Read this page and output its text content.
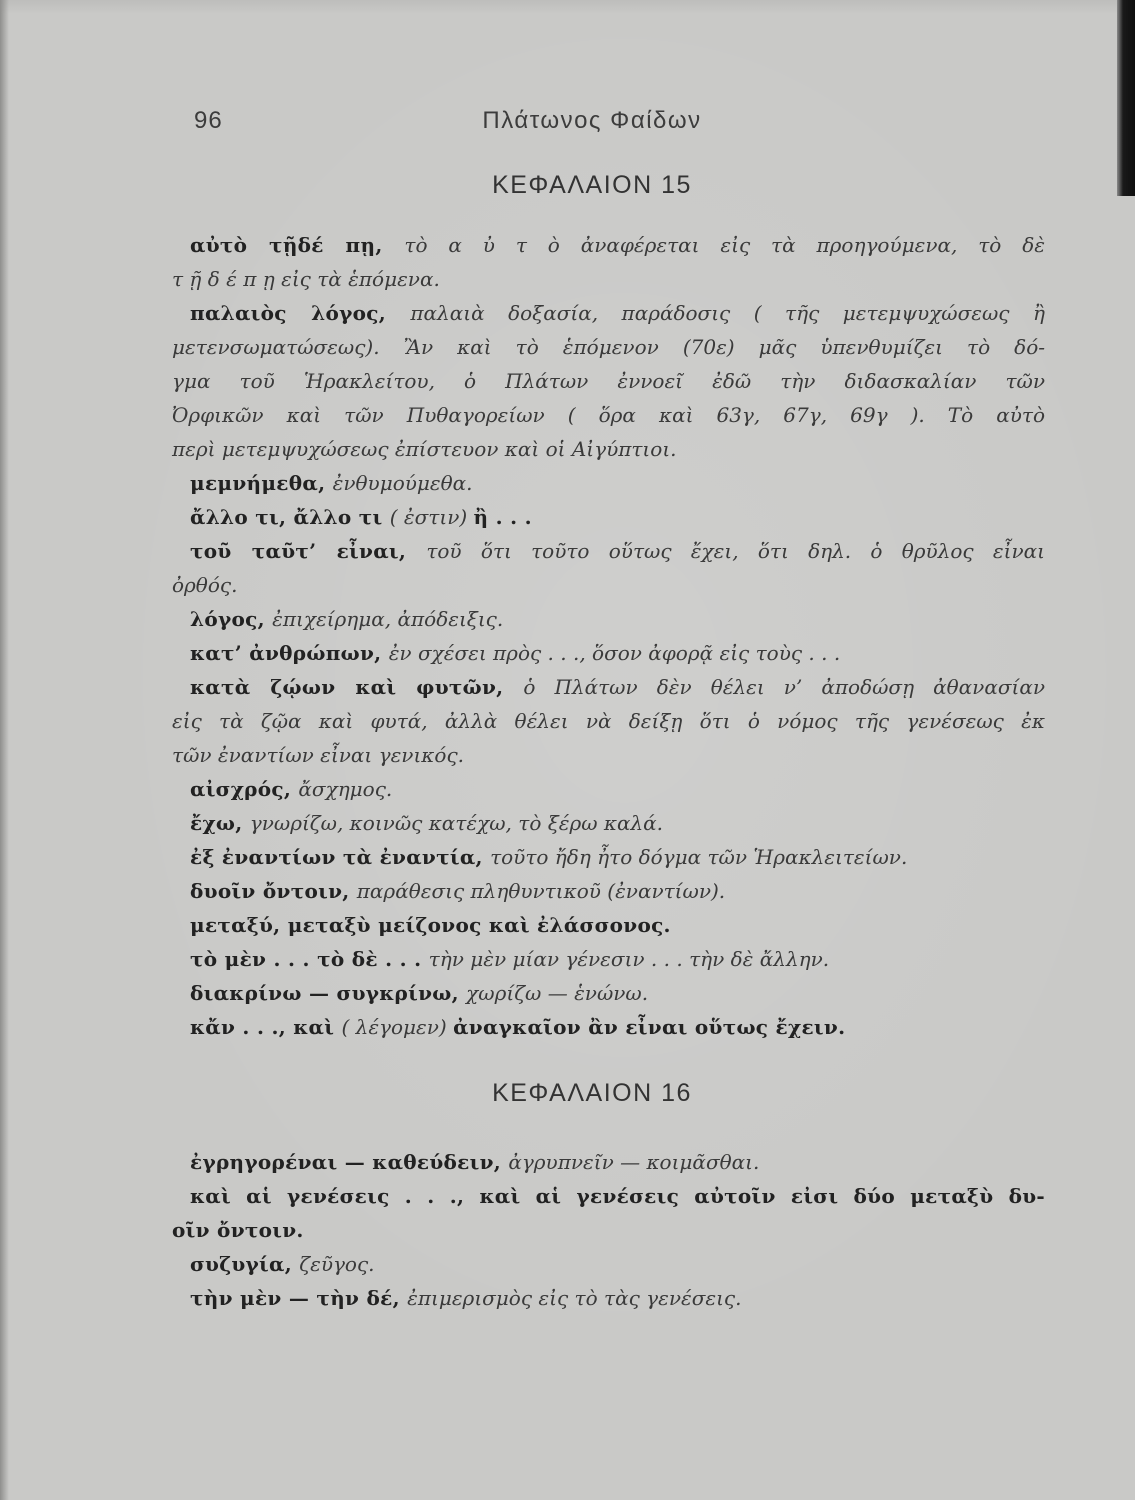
96	Πλάτωνος Φαίδων
ΚΕΦΑΛΑΙΟΝ 15
αὐτὸ τῇδέ πῃ, τὸ α ὐ τ ὸ ἀναφέρεται εἰς τὰ προηγούμενα, τὸ δὲ
τ ῇ δ έ π ῃ εἰς τὰ ἑπόμενα.
παλαιὸς λόγος, παλαιὰ δοξασία, παράδοσις ( τῆς μετεμψυχώσεως ἢ
μετενσωματώσεως). Ἂν καὶ τὸ ἑπόμενον (70ε) μᾶς ὑπενθυμίζει τὸ δό-
γμα τοῦ Ἡρακλείτου, ὁ Πλάτων ἐννοεῖ ἐδῶ τὴν διδασκαλίαν τῶν
Ὀρφικῶν καὶ τῶν Πυθαγορείων ( ὅρα καὶ 63γ, 67γ, 69γ ). Τὸ αὐτὸ
περὶ μετεμψυχώσεως ἐπίστευον καὶ οἱ Αἰγύπτιοι.
μεμνήμεθα, ἐνθυμούμεθα.
ἄλλο τι, ἄλλο τι ( ἐστιν) ἢ . . .
τοῦ ταῦτ’ εἶναι, τοῦ ὅτι τοῦτο οὕτως ἔχει, ὅτι δηλ. ὁ θρῦλος εἶναι
ὀρθός.
λόγος, ἐπιχείρημα, ἀπόδειξις.
κατ’ ἀνθρώπων, ἐν σχέσει πρὸς . . ., ὅσον ἀφορᾷ εἰς τοὺς . . .
κατὰ ζῴων καὶ φυτῶν, ὁ Πλάτων δὲν θέλει ν’ ἀποδώσῃ ἀθανασίαν
εἰς τὰ ζῷα καὶ φυτά, ἀλλὰ θέλει νὰ δείξῃ ὅτι ὁ νόμος τῆς γενέσεως ἐκ
τῶν ἐναντίων εἶναι γενικός.
αἰσχρός, ἄσχημος.
ἔχω, γνωρίζω, κοινῶς κατέχω, τὸ ξέρω καλά.
ἐξ ἐναντίων τὰ ἐναντία, τοῦτο ἤδη ἦτο δόγμα τῶν Ἡρακλειτείων.
δυοῖν ὄντοιν, παράθεσις πληθυντικοῦ (ἐναντίων).
μεταξύ, μεταξὺ μείζονος καὶ ἐλάσσονος.
τὸ μὲν . . . τὸ δὲ . . . τὴν μὲν μίαν γένεσιν . . . τὴν δὲ ἄλλην.
διακρίνω — συγκρίνω, χωρίζω — ἑνώνω.
κἄν . . ., καὶ ( λέγομεν) ἀναγκαῖον ἂν εἶναι οὕτως ἔχειν.
ΚΕΦΑΛΑΙΟΝ 16
ἐγρηγορέναι — καθεύδειν, ἀγρυπνεῖν — κοιμᾶσθαι.
καὶ αἱ γενέσεις . . ., καὶ αἱ γενέσεις αὐτοῖν εἰσι δύο μεταξὺ δυ-
οῖν ὄντοιν.
συζυγία, ζεῦγος.
τὴν μὲν — τὴν δέ, ἐπιμερισμὸς εἰς τὸ τὰς γενέσεις.
